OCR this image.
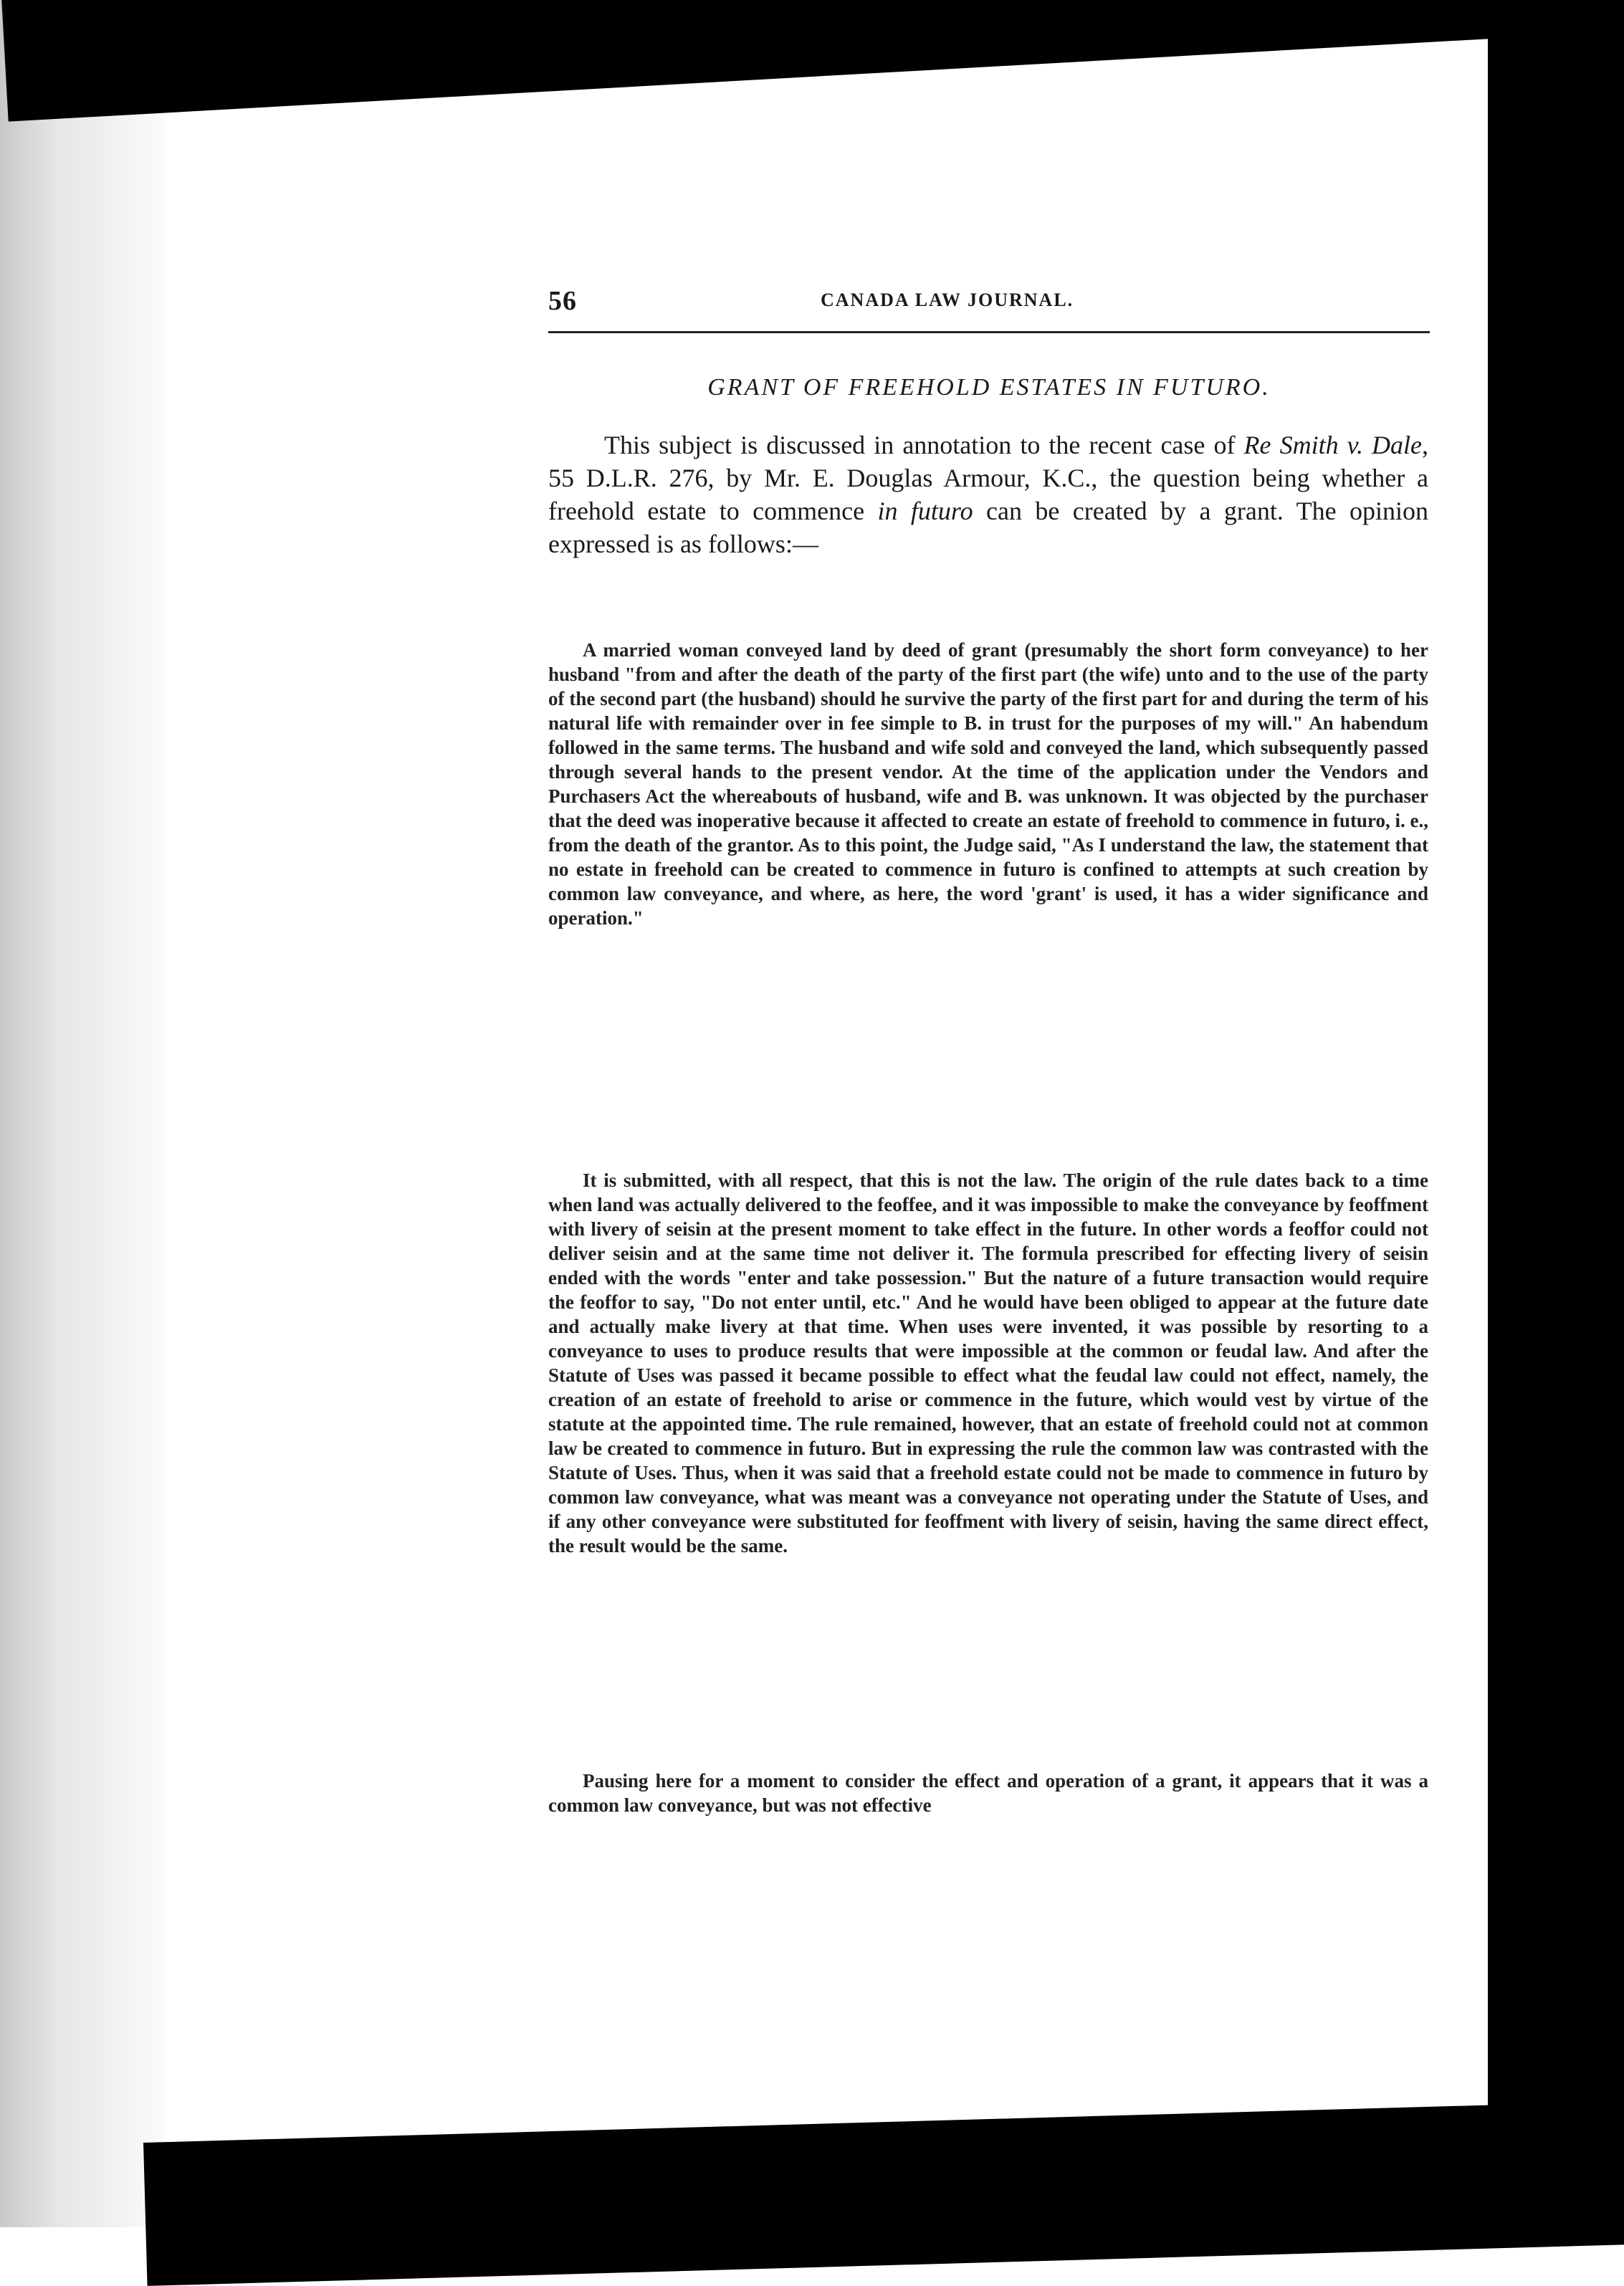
56	CANADA LAW JOURNAL.
GRANT OF FREEHOLD ESTATES IN FUTURO.
This subject is discussed in annotation to the recent case of Re Smith v. Dale, 55 D.L.R. 276, by Mr. E. Douglas Armour, K.C., the question being whether a freehold estate to commence in futuro can be created by a grant. The opinion expressed is as follows:—
A married woman conveyed land by deed of grant (presumably the short form conveyance) to her husband "from and after the death of the party of the first part (the wife) unto and to the use of the party of the second part (the husband) should he survive the party of the first part for and during the term of his natural life with remainder over in fee simple to B. in trust for the purposes of my will." An habendum followed in the same terms. The husband and wife sold and conveyed the land, which subsequently passed through several hands to the present vendor. At the time of the application under the Vendors and Purchasers Act the whereabouts of husband, wife and B. was unknown. It was objected by the purchaser that the deed was inoperative because it affected to create an estate of freehold to commence in futuro, i. e., from the death of the grantor. As to this point, the Judge said, "As I understand the law, the statement that no estate in freehold can be created to commence in futuro is confined to attempts at such creation by common law conveyance, and where, as here, the word 'grant' is used, it has a wider significance and operation."
It is submitted, with all respect, that this is not the law. The origin of the rule dates back to a time when land was actually delivered to the feoffee, and it was impossible to make the conveyance by feoffment with livery of seisin at the present moment to take effect in the future. In other words a feoffor could not deliver seisin and at the same time not deliver it. The formula prescribed for effecting livery of seisin ended with the words "enter and take possession." But the nature of a future transaction would require the feoffor to say, "Do not enter until, etc." And he would have been obliged to appear at the future date and actually make livery at that time. When uses were invented, it was possible by resorting to a conveyance to uses to produce results that were impossible at the common or feudal law. And after the Statute of Uses was passed it became possible to effect what the feudal law could not effect, namely, the creation of an estate of freehold to arise or commence in the future, which would vest by virtue of the statute at the appointed time. The rule remained, however, that an estate of freehold could not at common law be created to commence in futuro. But in expressing the rule the common law was contrasted with the Statute of Uses. Thus, when it was said that a freehold estate could not be made to commence in futuro by common law conveyance, what was meant was a conveyance not operating under the Statute of Uses, and if any other conveyance were substituted for feoffment with livery of seisin, having the same direct effect, the result would be the same.
Pausing here for a moment to consider the effect and operation of a grant, it appears that it was a common law conveyance, but was not effective
